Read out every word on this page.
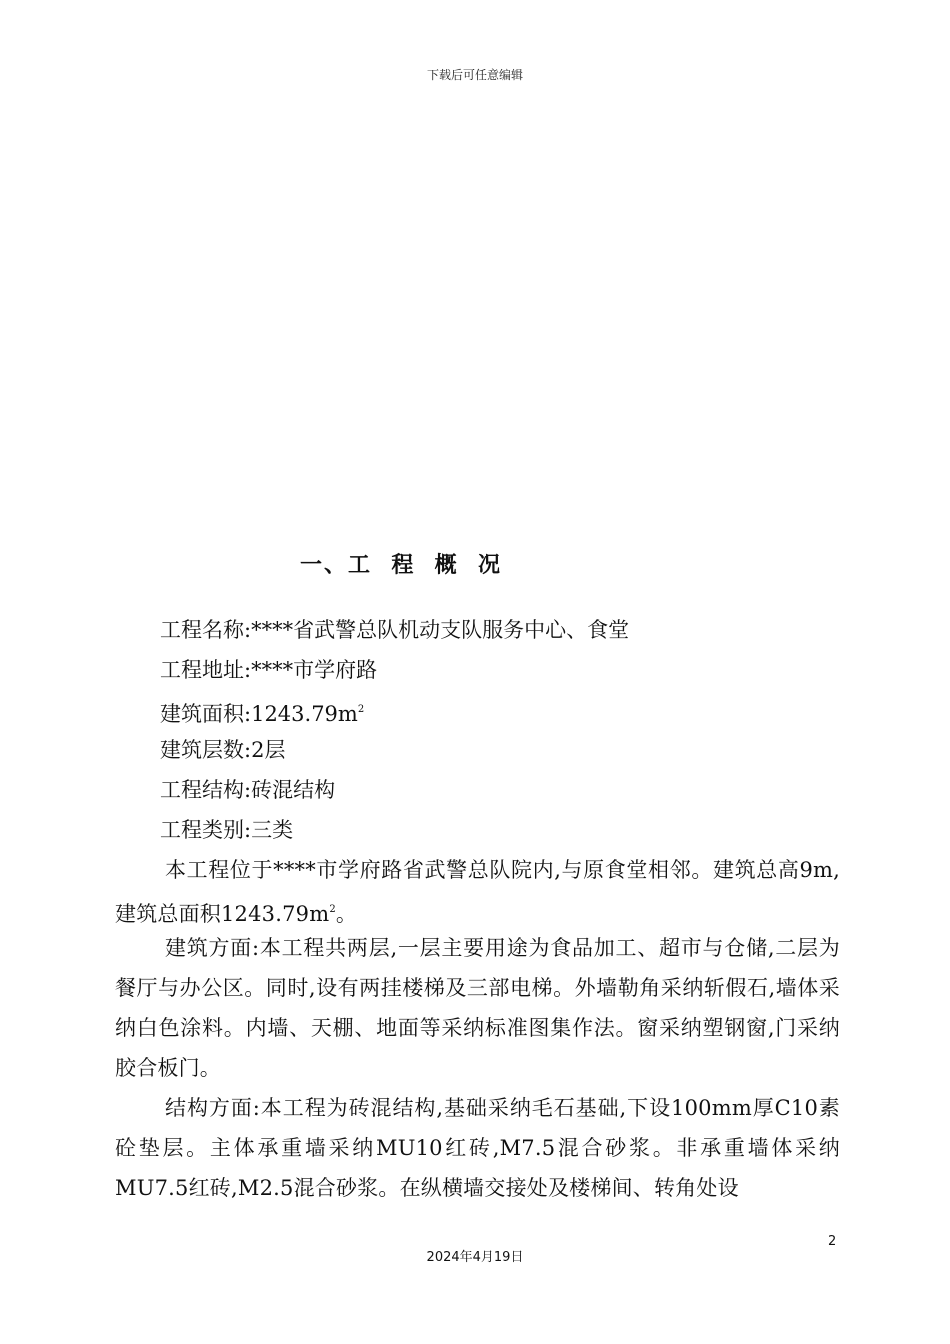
下载后可任意编辑
一、工  程  概  况
工程名称:****省武警总队机动支队服务中心、食堂
工程地址:****市学府路
建筑面积$:1243.79m^2$
建筑层数:2层
工程结构:砖混结构
工程类别:三类

本工程位于****市学府路省武警总队院内,与原食堂相邻。建筑总高9m,建筑总面积$1243.79m^2$。

建筑方面:本工程共两层,一层主要用途为食品加工、超市与仓储,二层为餐厅与办公区。同时,设有两挂楼梯及三部电梯。外墙勒角采纳斩假石,墙体采纳白色涂料。内墙、天棚、地面等采纳标准图集作法。窗采纳塑钢窗,门采纳胶合板门。

结构方面:本工程为砖混结构,基础采纳毛石基础,下设100mm厚C10素砼垫层。主体承重墙采纳MU10红砖,M7.5混合砂浆。非承重墙体采纳MU7.5红砖,M2.5混合砂浆。在纵横墙交接处及楼梯间、转角处设

2
2024年4月19日
